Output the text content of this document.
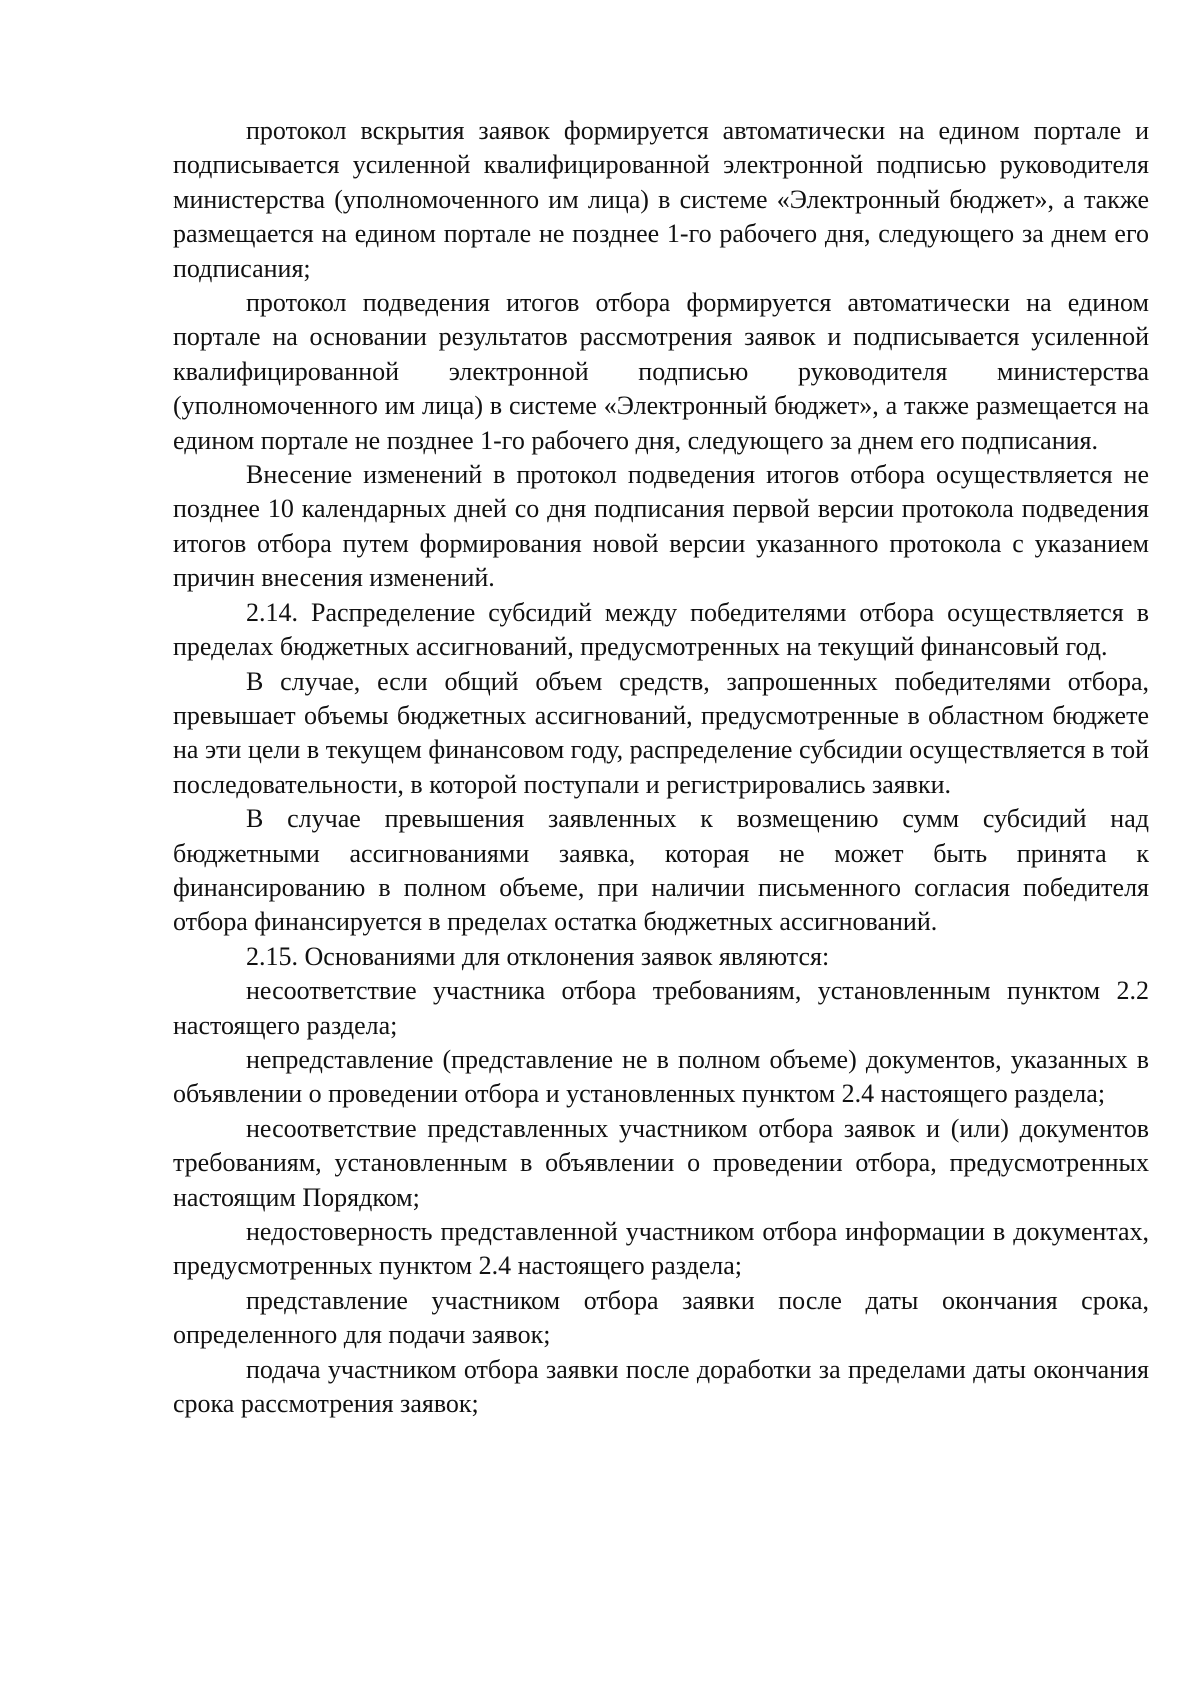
протокол вскрытия заявок формируется автоматически на едином портале и подписывается усиленной квалифицированной электронной подписью руководителя министерства (уполномоченного им лица) в системе «Электронный бюджет», а также размещается на едином портале не позднее 1-го рабочего дня, следующего за днем его подписания;

протокол подведения итогов отбора формируется автоматически на едином портале на основании результатов рассмотрения заявок и подписывается усиленной квалифицированной электронной подписью руководителя министерства (уполномоченного им лица) в системе «Электронный бюджет», а также размещается на едином портале не позднее 1-го рабочего дня, следующего за днем его подписания.

Внесение изменений в протокол подведения итогов отбора осуществляется не позднее 10 календарных дней со дня подписания первой версии протокола подведения итогов отбора путем формирования новой версии указанного протокола с указанием причин внесения изменений.

2.14. Распределение субсидий между победителями отбора осуществляется в пределах бюджетных ассигнований, предусмотренных на текущий финансовый год.

В случае, если общий объем средств, запрошенных победителями отбора, превышает объемы бюджетных ассигнований, предусмотренные в областном бюджете на эти цели в текущем финансовом году, распределение субсидии осуществляется в той последовательности, в которой поступали и регистрировались заявки.

В случае превышения заявленных к возмещению сумм субсидий над бюджетными ассигнованиями заявка, которая не может быть принята к финансированию в полном объеме, при наличии письменного согласия победителя отбора финансируется в пределах остатка бюджетных ассигнований.

2.15. Основаниями для отклонения заявок являются:

несоответствие участника отбора требованиям, установленным пунктом 2.2 настоящего раздела;

непредставление (представление не в полном объеме) документов, указанных в объявлении о проведении отбора и установленных пунктом 2.4 настоящего раздела;

несоответствие представленных участником отбора заявок и (или) документов требованиям, установленным в объявлении о проведении отбора, предусмотренных настоящим Порядком;

недостоверность представленной участником отбора информации в документах, предусмотренных пунктом 2.4 настоящего раздела;

представление участником отбора заявки после даты окончания срока, определенного для подачи заявок;

подача участником отбора заявки после доработки за пределами даты окончания срока рассмотрения заявок;
